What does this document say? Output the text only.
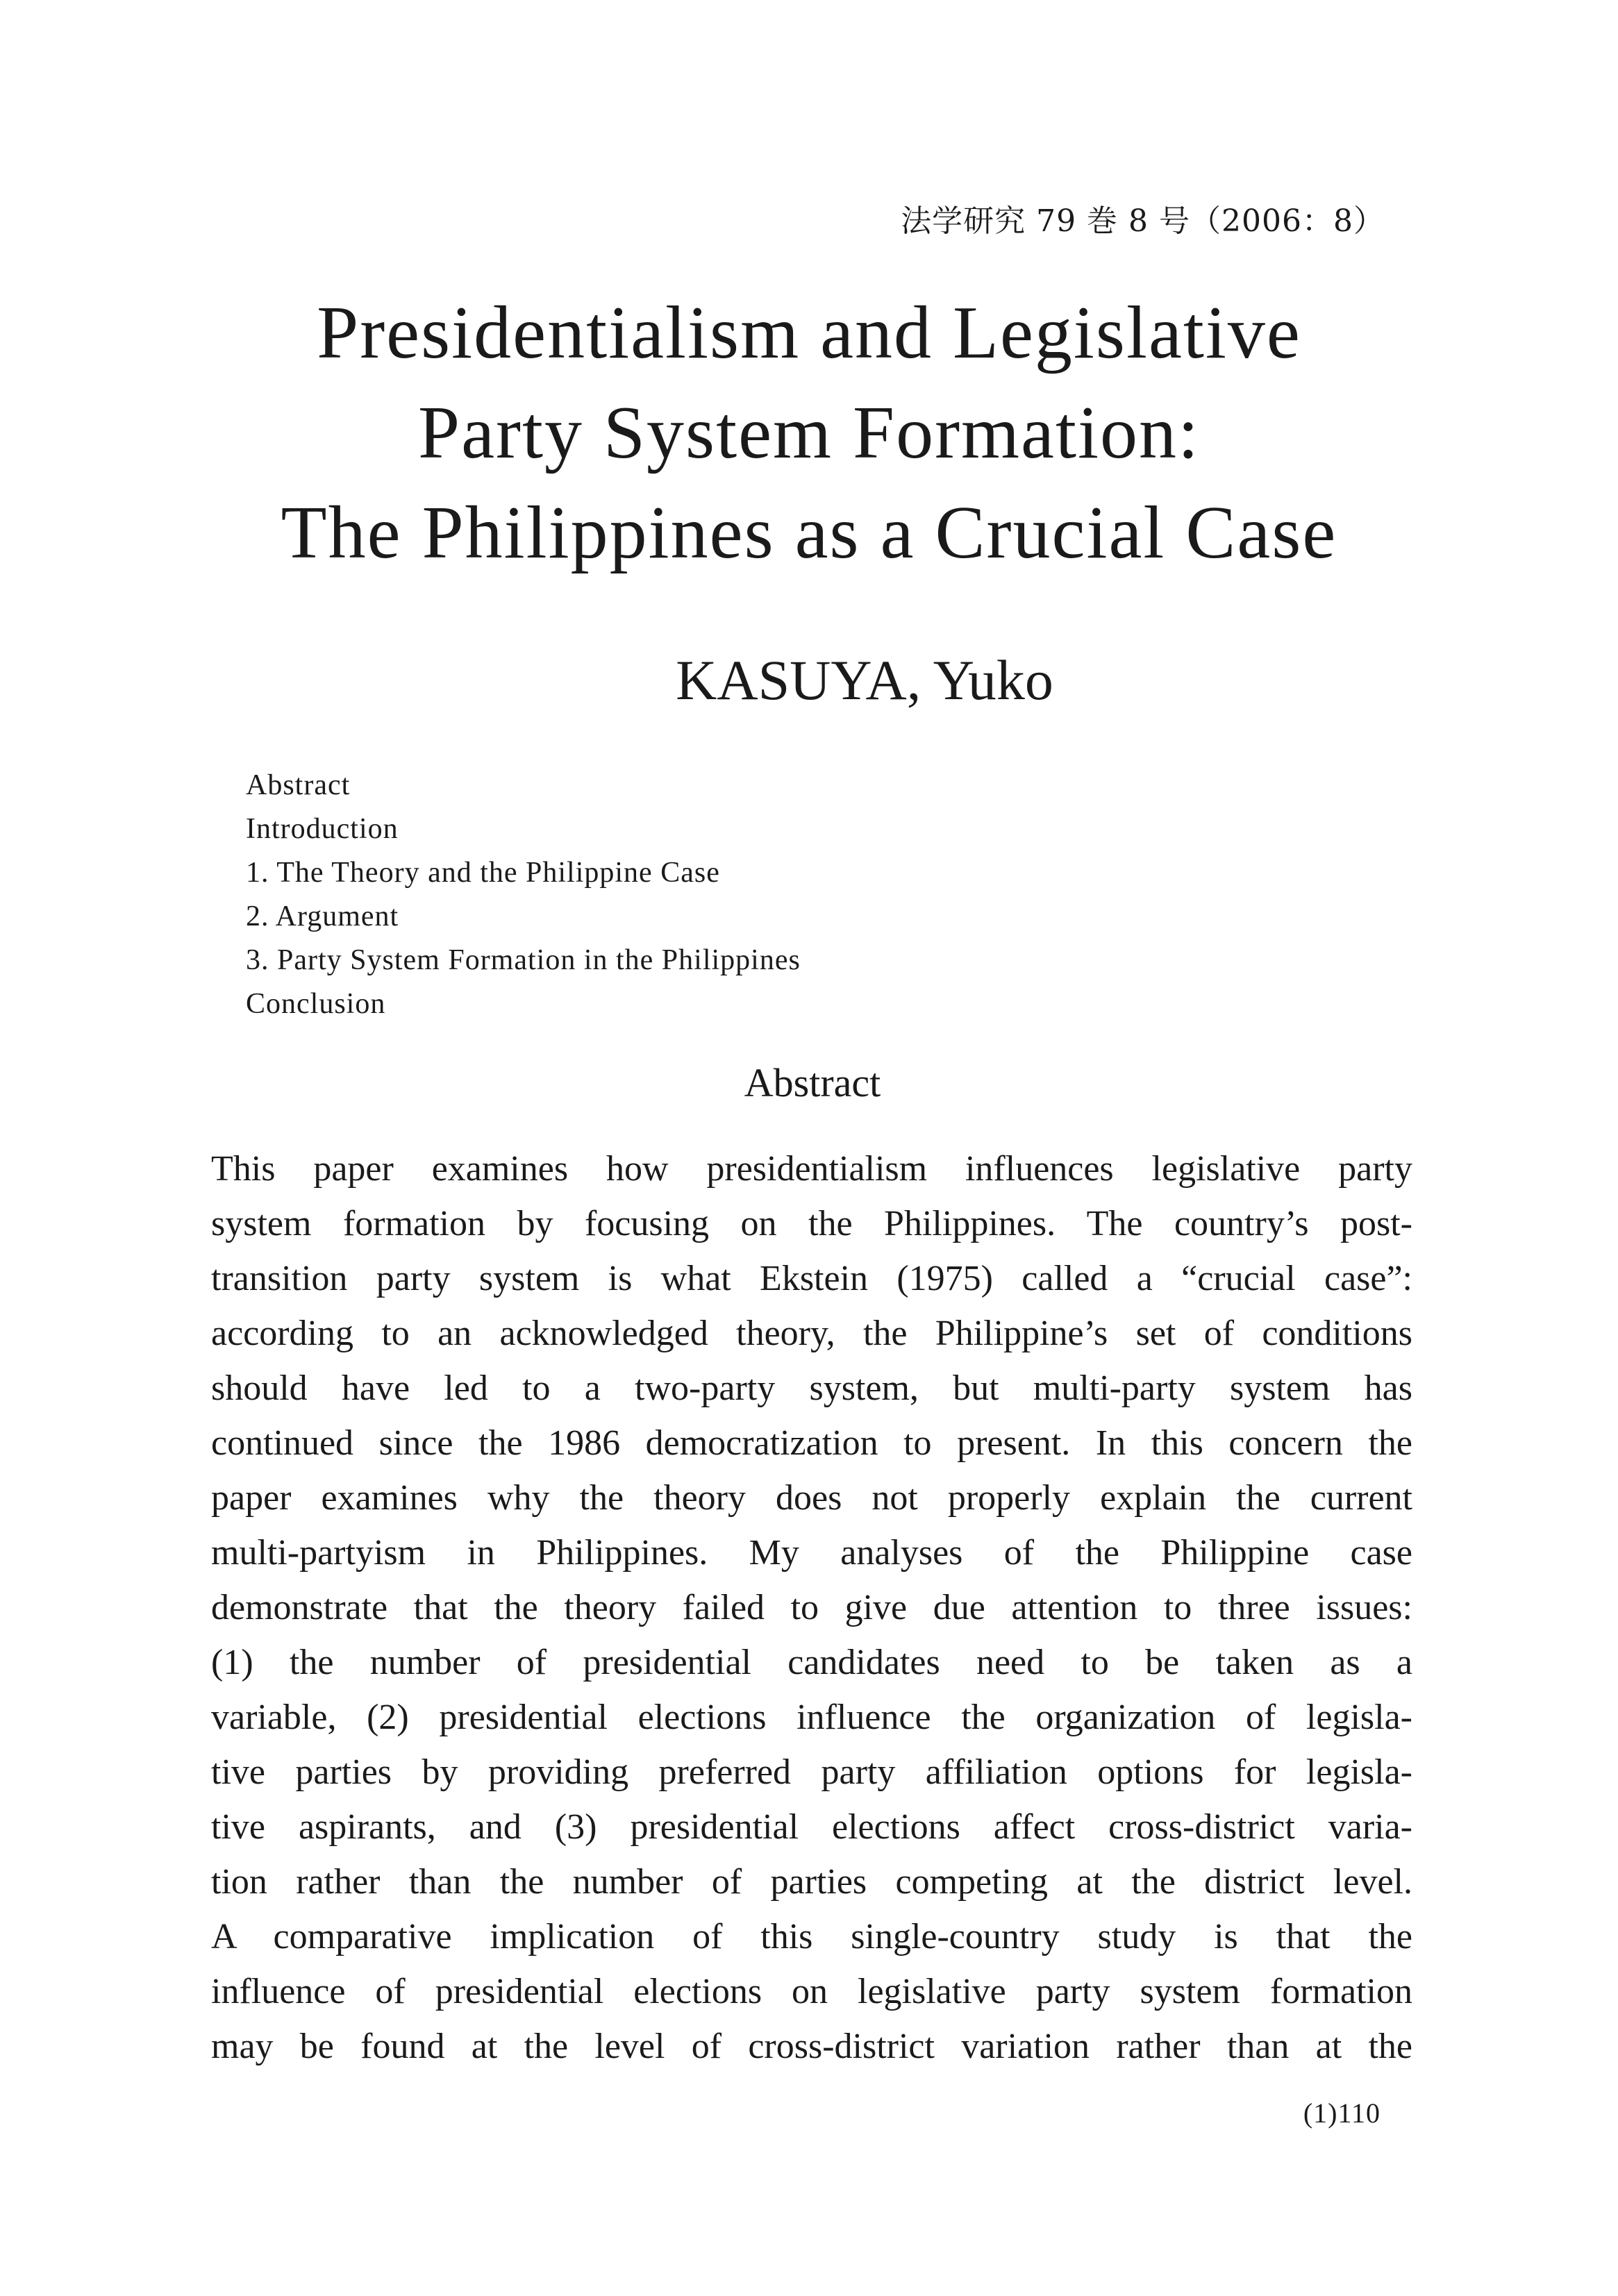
法学研究 79 巻 8 号（2006：8）
Presidentialism and Legislative
Party System Formation:
The Philippines as a Crucial Case
KASUYA, Yuko
Abstract
Introduction
1. The Theory and the Philippine Case
2. Argument
3. Party System Formation in the Philippines
Conclusion
Abstract
This paper examines how presidentialism influences legislative party
system formation by focusing on the Philippines. The country’s post-
transition party system is what Ekstein (1975) called a “crucial case”:
according to an acknowledged theory, the Philippine’s set of conditions
should have led to a two-party system, but multi-party system has
continued since the 1986 democratization to present. In this concern the
paper examines why the theory does not properly explain the current
multi-partyism in Philippines. My analyses of the Philippine case
demonstrate that the theory failed to give due attention to three issues:
(1) the number of presidential candidates need to be taken as a
variable, (2) presidential elections influence the organization of legisla-
tive parties by providing preferred party affiliation options for legisla-
tive aspirants, and (3) presidential elections affect cross-district varia-
tion rather than the number of parties competing at the district level.
A comparative implication of this single-country study is that the
influence of presidential elections on legislative party system formation
may be found at the level of cross-district variation rather than at the
(1)110
